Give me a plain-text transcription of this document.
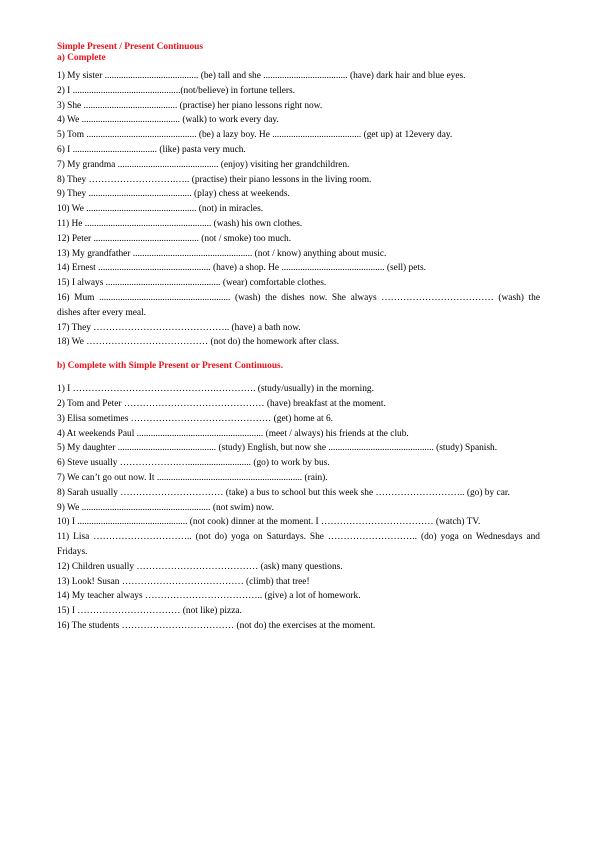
Simple Present / Present Continuous
a) Complete
1) My sister ........................................ (be) tall and she .................................... (have) dark hair and blue eyes.
2) I ..............................................(not/believe) in fortune tellers.
3) She ........................................ (practise) her piano lessons right now.
4) We .......................................... (walk) to work every day.
5) Tom ............................................... (be) a lazy boy. He ...................................... (get up) at 12every day.
6) I .................................... (like) pasta very much.
7) My grandma ........................................... (enjoy) visiting her grandchildren.
8) They ……………………….….. (practise) their piano lessons in the living room.
9) They ............................................ (play) chess at weekends.
10) We ............................................... (not) in miracles.
11) He ...................................................... (wash) his own clothes.
12) Peter ............................................. (not / smoke) too much.
13) My grandfather ................................................... (not / know) anything about music.
14) Ernest ................................................ (have) a shop. He ............................................ (sell) pets.
15) I always ................................................. (wear) comfortable clothes.
16) Mum ........................................................ (wash) the dishes now. She always ……………………………… (wash) the dishes after every meal.
17) They …………………………………….. (have) a bath now.
18) We ………………………………… (not do) the homework after class.
b) Complete with Simple Present or Present Continuous.
1) I ……………………………………….…………. (study/usually) in the morning.
2) Tom and Peter ……………………………………… (have) breakfast at the moment.
3) Elisa sometimes ……………………………………… (get) home at 6.
4) At weekends Paul ...................................................... (meet / always) his friends at the club.
5) My daughter .......................................... (study) English, but now she ............................................. (study) Spanish.
6) Steve usually ……………….…........................... (go) to work by bus.
7) We can’t go out now. It .............................................................. (rain).
8) Sarah usually …………………………… (take) a bus to school but this week she ……………………….. (go) by car.
9) We ....................................................... (not swim) now.
10) I ............................................... (not cook) dinner at the moment. I ……………………………… (watch) TV.
11) Lisa ………………………….. (not do) yoga on Saturdays. She ……………………….. (do) yoga on Wednesdays and Fridays.
12) Children usually ………………………………… (ask) many questions.
13) Look! Susan ………………………………… (climb) that tree!
14) My teacher always ……………………………….. (give) a lot of homework.
15) I …………………………… (not like) pizza.
16) The students ……………………………… (not do) the exercises at the moment.
